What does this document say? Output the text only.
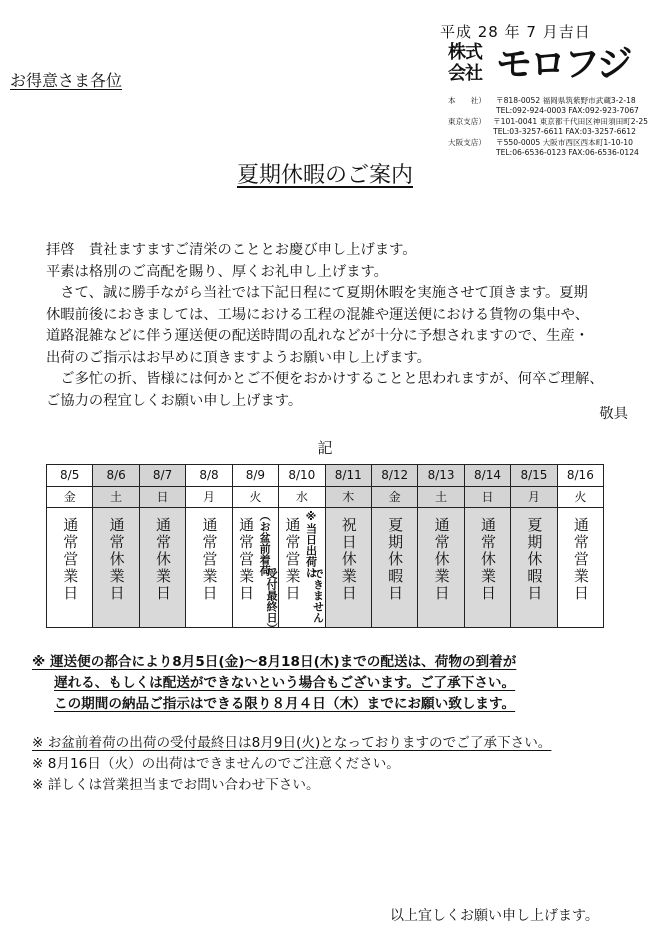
平成 28 年 7 月吉日
お得意さま各位
株式
会社 モロフジ
本　　社）	〒818-0052 福岡県筑紫野市武蔵3-2-18
TEL:092-924-0003 FAX:092-923-7067
東京支店） 〒101-0041 東京都千代田区神田須田町2-25
TEL:03-3257-6611 FAX:03-3257-6612
大阪支店）	〒550-0005 大阪市西区西本町1-10-10
TEL:06-6536-0123 FAX:06-6536-0124
夏期休暇のご案内

拝啓　貴社ますますご清栄のこととお慶び申し上げます。

平素は格別のご高配を賜り、厚くお礼申し上げます。

　さて、誠に勝手ながら当社では下記日程にて夏期休暇を実施させて頂きます。夏期

休暇前後におきましては、工場における工程の混雑や運送便における貨物の集中や、

道路混雑などに伴う運送便の配送時間の乱れなどが十分に予想されますので、生産・

出荷のご指示はお早めに頂きますようお願い申し上げます。

　ご多忙の折、皆様には何かとご不便をおかけすることと思われますが、何卒ご理解、

ご協力の程宜しくお願い申し上げます。

敬具
記
8/5
金
通常営業日
8/6
土
通常休業日
8/7
日
通常休業日
8/8
月
通常営業日
8/9
火
（お盆前着荷
受付最終日）
通常営業日
8/10
水
※当日出荷は
できません
通常営業日
8/11
木
祝日休業日
8/12
金
夏期休暇日
8/13
土
通常休業日
8/14
日
通常休業日
8/15
月
夏期休暇日
8/16
火
通常営業日

※ 運送便の都合により8月5日(金)～8月18日(木)までの配送は、荷物の到着が

遅れる、もしくは配送ができないという場合もございます。ご了承下さい。

この期間の納品ご指示はできる限り８月４日（木）までにお願い致します。

※ お盆前着荷の出荷の受付最終日は8月9日(火)となっておりますのでご了承下さい。

※ 8月16日（火）の出荷はできませんのでご注意ください。

※ 詳しくは営業担当までお問い合わせ下さい。

以上宜しくお願い申し上げます。
